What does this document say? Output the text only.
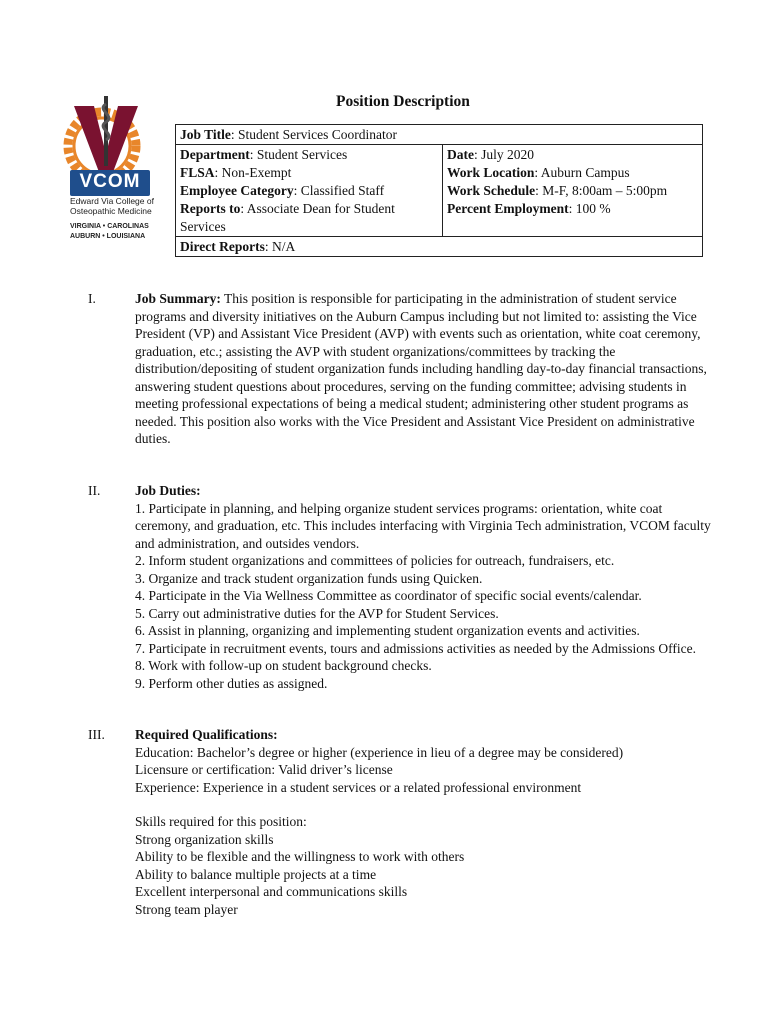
VCOM
Edward Via College of
Osteopathic Medicine
VIRGINIA • CAROLINAS
AUBURN • LOUISIANA
Position Description
Job Title: Student Services Coordinator

Department: Student Services
FLSA: Non-Exempt
Employee Category: Classified Staff
Reports to: Associate Dean for Student Services

Date: July 2020
Work Location: Auburn Campus
Work Schedule: M-F, 8:00am – 5:00pm
Percent Employment: 100 %

Direct Reports: N/A
I.	Job Summary: This position is responsible for participating in the administration of student service programs and diversity initiatives on the Auburn Campus including but not limited to: assisting the Vice President (VP) and Assistant Vice President (AVP) with events such as orientation, white coat ceremony, graduation, etc.; assisting the AVP with student organizations/committees by tracking the distribution/depositing of student organization funds including handling day-to-day financial transactions, answering student questions about procedures, serving on the funding committee; advising students in meeting professional expectations of being a medical student; administering other student programs as needed. This position also works with the Vice President and Assistant Vice President on administrative duties.

II.	Job Duties:

1. Participate in planning, and helping organize student services programs: orientation, white coat ceremony, and graduation, etc. This includes interfacing with Virginia Tech administration, VCOM faculty and administration, and outsides vendors.

2. Inform student organizations and committees of policies for outreach, fundraisers, etc.

3. Organize and track student organization funds using Quicken.

4. Participate in the Via Wellness Committee as coordinator of specific social events/calendar.

5. Carry out administrative duties for the AVP for Student Services.

6. Assist in planning, organizing and implementing student organization events and activities.

7. Participate in recruitment events, tours and admissions activities as needed by the Admissions Office.

8. Work with follow-up on student background checks.

9. Perform other duties as assigned.

III. Required Qualifications:

Education: Bachelor’s degree or higher (experience in lieu of a degree may be considered)

Licensure or certification: Valid driver’s license

Experience: Experience in a student services or a related professional environment

Skills required for this position:

Strong organization skills

Ability to be flexible and the willingness to work with others

Ability to balance multiple projects at a time

Excellent interpersonal and communications skills

Strong team player
